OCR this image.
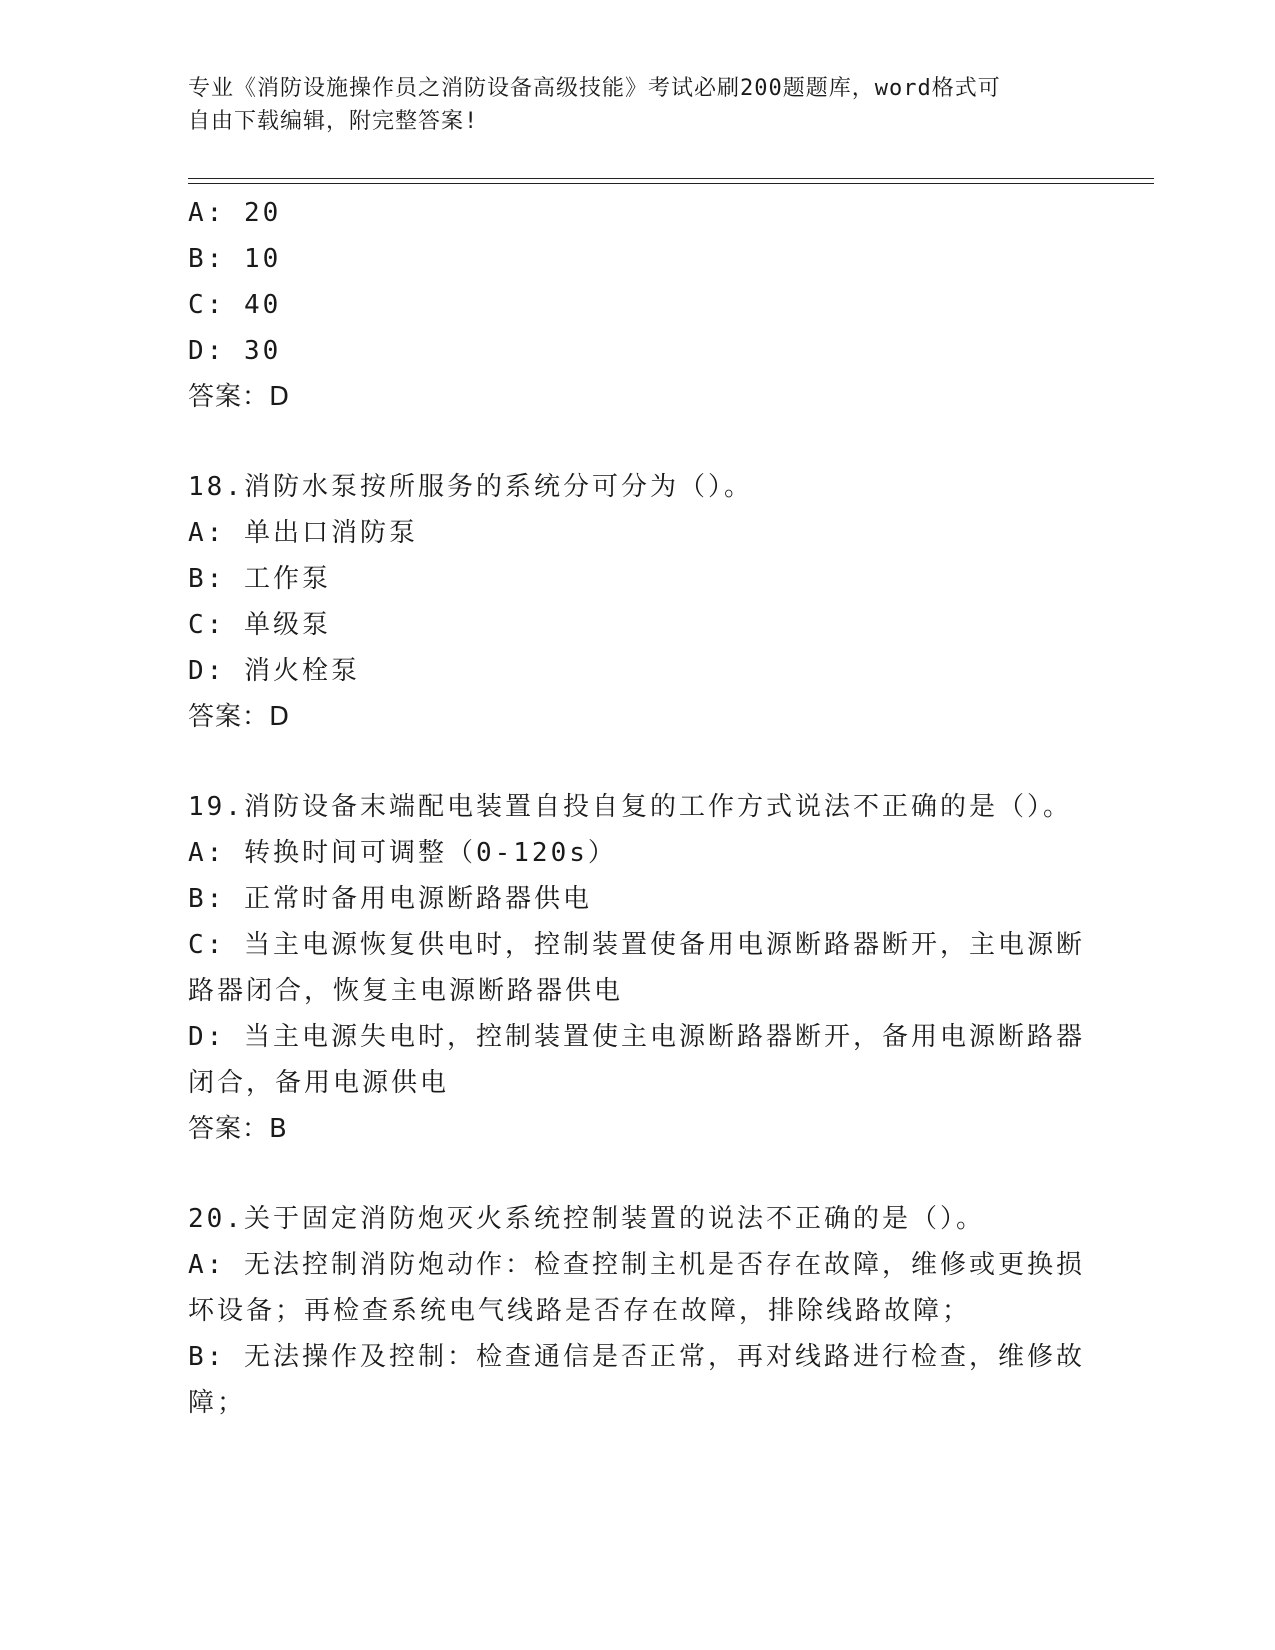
专业《消防设施操作员之消防设备高级技能》考试必刷200题题库，word格式可
自由下载编辑，附完整答案!
A: 20
B: 10
C: 40
D: 30
答案：D
18.消防水泵按所服务的系统分可分为（）。
A: 单出口消防泵
B: 工作泵
C: 单级泵
D: 消火栓泵
答案：D
19.消防设备末端配电装置自投自复的工作方式说法不正确的是（）。
A: 转换时间可调整（0-120s）
B: 正常时备用电源断路器供电
C: 当主电源恢复供电时，控制装置使备用电源断路器断开，主电源断
路器闭合，恢复主电源断路器供电
D: 当主电源失电时，控制装置使主电源断路器断开，备用电源断路器
闭合，备用电源供电
答案：B
20.关于固定消防炮灭火系统控制装置的说法不正确的是（）。
A: 无法控制消防炮动作：检查控制主机是否存在故障，维修或更换损
坏设备；再检查系统电气线路是否存在故障，排除线路故障；
B: 无法操作及控制：检查通信是否正常，再对线路进行检查，维修故
障；
